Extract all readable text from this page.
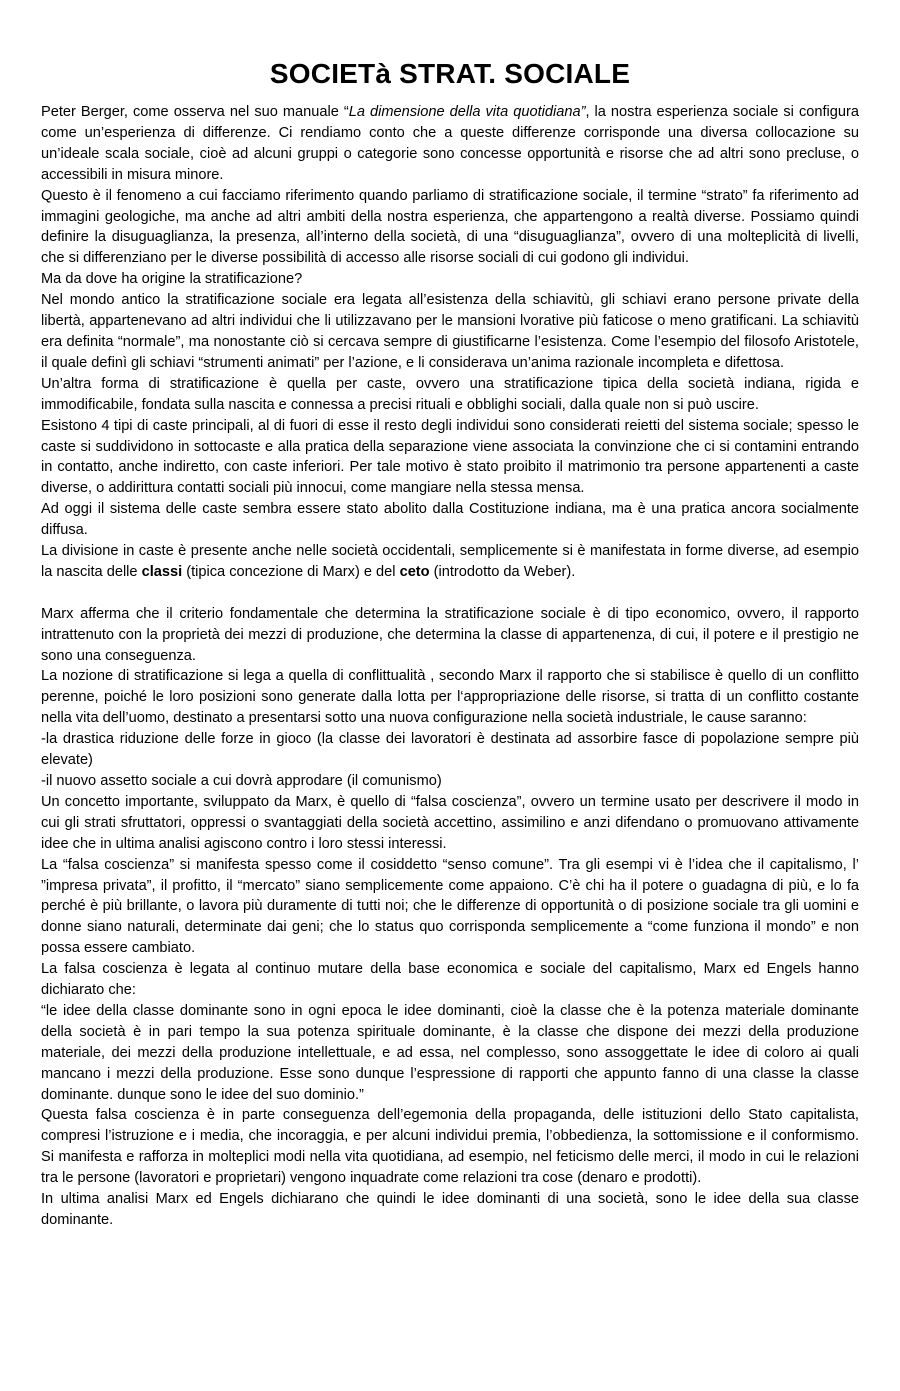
SOCIETà STRAT. SOCIALE

Peter Berger, come osserva nel suo manuale “La dimensione della vita quotidiana”, la nostra esperienza sociale si configura come un’esperienza di differenze. Ci rendiamo conto che a queste differenze corrisponde una diversa collocazione su un’ideale scala sociale, cioè ad alcuni gruppi o categorie sono concesse opportunità e risorse che ad altri sono precluse, o accessibili in misura minore.

Questo è il fenomeno a cui facciamo riferimento quando parliamo di stratificazione sociale, il termine “strato” fa riferimento ad immagini geologiche, ma anche ad altri ambiti della nostra esperienza, che appartengono a realtà diverse. Possiamo quindi definire la disuguaglianza, la presenza, all’interno della società, di una “disuguaglianza”, ovvero di una molteplicità di livelli, che si differenziano per le diverse possibilità di accesso alle risorse sociali di cui godono gli individui.

Ma da dove ha origine la stratificazione?

Nel mondo antico la stratificazione sociale era legata all’esistenza della schiavitù, gli schiavi erano persone private della libertà, appartenevano ad altri individui che li utilizzavano per le mansioni lvorative più faticose o meno gratificani. La schiavitù era definita “normale”, ma nonostante ciò si cercava sempre di giustificarne l’esistenza. Come l’esempio del filosofo Aristotele, il quale definì gli schiavi “strumenti animati” per l’azione, e li considerava un’anima razionale incompleta e difettosa.

Un’altra forma di stratificazione è quella per caste, ovvero una stratificazione tipica della società indiana, rigida e immodificabile, fondata sulla nascita e connessa a precisi rituali e obblighi sociali, dalla quale non si può uscire.

Esistono 4 tipi di caste principali, al di fuori di esse il resto degli individui sono considerati reietti del sistema sociale; spesso le caste si suddividono in sottocaste e alla pratica della separazione viene associata la convinzione che ci si contamini entrando in contatto, anche indiretto, con caste inferiori. Per tale motivo è stato proibito il matrimonio tra persone appartenenti a caste diverse, o addirittura contatti sociali più innocui, come mangiare nella stessa mensa.

Ad oggi il sistema delle caste sembra essere stato abolito dalla Costituzione indiana, ma è una pratica ancora socialmente diffusa.

La divisione in caste è presente anche nelle società occidentali, semplicemente si è manifestata in forme diverse, ad esempio la nascita delle classi (tipica concezione di Marx) e del ceto (introdotto da Weber).

Marx afferma che il criterio fondamentale che determina la stratificazione sociale è di tipo economico, ovvero, il rapporto intrattenuto con la proprietà dei mezzi di produzione, che determina la classe di appartenenza, di cui, il potere e il prestigio ne sono una conseguenza.

La nozione di stratificazione si lega a quella di conflittualità , secondo Marx il rapporto che si stabilisce è quello di un conflitto perenne, poiché le loro posizioni sono generate dalla lotta per l‘appropriazione delle risorse, si tratta di un conflitto costante nella vita dell’uomo, destinato a presentarsi sotto una nuova configurazione nella società industriale, le cause saranno:

-la drastica riduzione delle forze in gioco (la classe dei lavoratori è destinata ad assorbire fasce di popolazione sempre più elevate)

-il nuovo assetto sociale a cui dovrà approdare (il comunismo)

Un concetto importante, sviluppato da Marx, è quello di “falsa coscienza”, ovvero un termine usato per descrivere il modo in cui gli strati sfruttatori, oppressi o svantaggiati della società accettino, assimilino e anzi difendano o promuovano attivamente idee che in ultima analisi agiscono contro i loro stessi interessi.

La “falsa coscienza” si manifesta spesso come il cosiddetto “senso comune”. Tra gli esempi vi è l’idea che il capitalismo, l’ ”impresa privata”, il profitto, il “mercato” siano semplicemente come appaiono. C’è chi ha il potere o guadagna di più, e lo fa perché è più brillante, o lavora più duramente di tutti noi; che le differenze di opportunità o di posizione sociale tra gli uomini e donne siano naturali, determinate dai geni; che lo status quo corrisponda semplicemente a “come funziona il mondo” e non possa essere cambiato.

La falsa coscienza è legata al continuo mutare della base economica e sociale del capitalismo, Marx ed Engels hanno dichiarato che:

“le idee della classe dominante sono in ogni epoca le idee dominanti, cioè la classe che è la potenza materiale dominante della società è in pari tempo la sua potenza spirituale dominante, è la classe che dispone dei mezzi della produzione materiale, dei mezzi della produzione intellettuale, e ad essa, nel complesso, sono assoggettate le idee di coloro ai quali mancano i mezzi della produzione. Esse sono dunque l’espressione di rapporti che appunto fanno di una classe la classe dominante. dunque sono le idee del suo dominio.”

Questa falsa coscienza è in parte conseguenza dell’egemonia della propaganda, delle istituzioni dello Stato capitalista, compresi l’istruzione e i media, che incoraggia, e per alcuni individui premia, l’obbedienza, la sottomissione e il conformismo. Si manifesta e rafforza in molteplici modi nella vita quotidiana, ad esempio, nel feticismo delle merci, il modo in cui le relazioni tra le persone (lavoratori e proprietari) vengono inquadrate come relazioni tra cose (denaro e prodotti).

In ultima analisi Marx ed Engels dichiarano che quindi le idee dominanti di una società, sono le idee della sua classe dominante.
